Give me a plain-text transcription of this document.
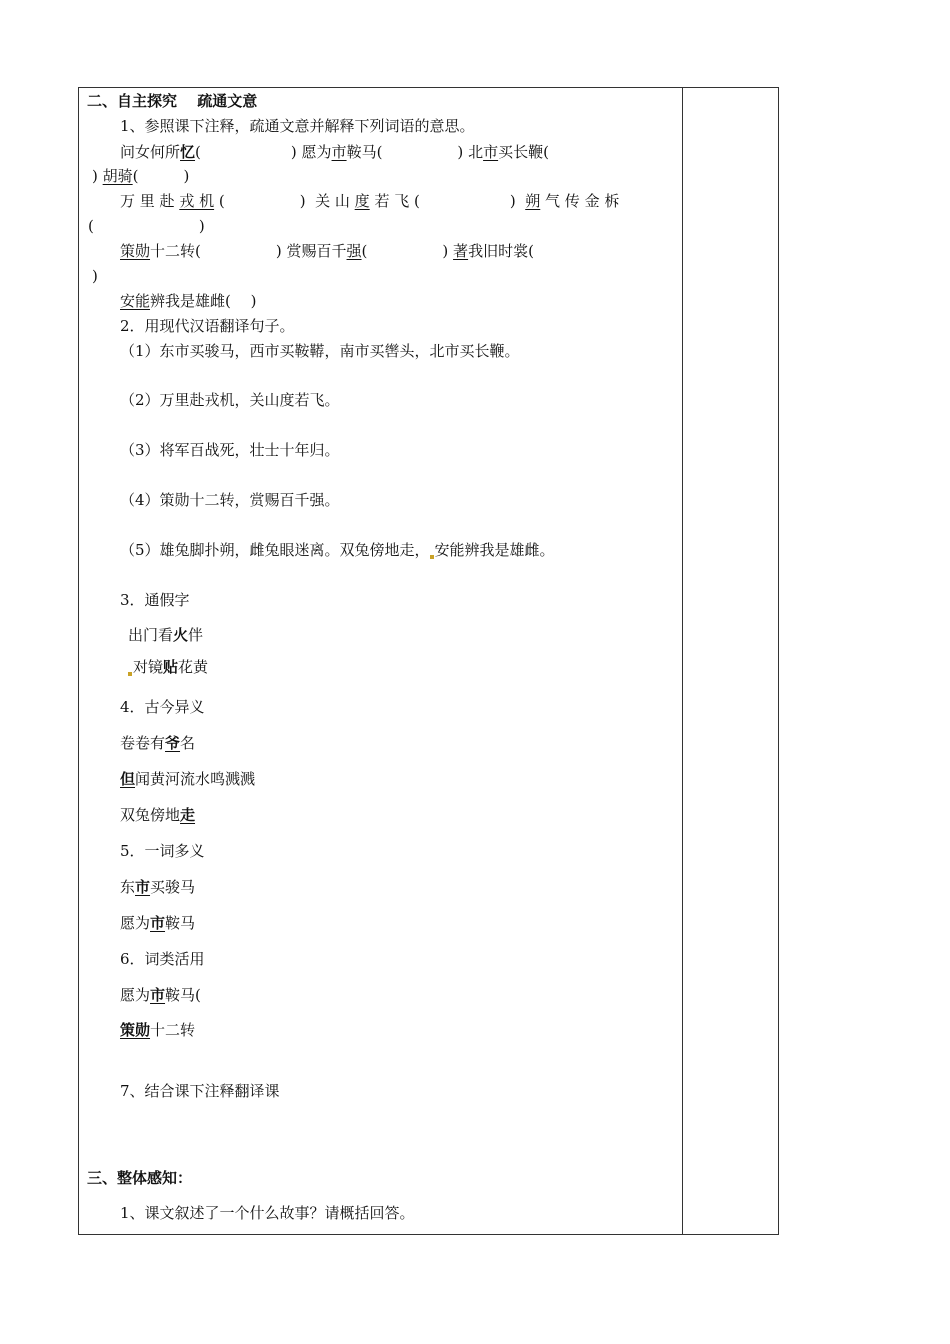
二、自主探究　 疏通文意
1、参照课下注释，疏通文意并解释下列词语的意思。
问女何所忆(　　　　　　) 愿为市鞍马(　　　　　) 北市买长鞭(
) 胡骑(　　　)
万 里 赴 戎 机 (　　　　　) 关 山 度 若 飞 (　　　　　　) 朔 气 传 金 柝
(　　　　　　　)
策勋十二转(　　　　　) 赏赐百千强(　　　　　) 著我旧时裳(
)
安能辨我是雄雌(　 )
2．用现代汉语翻译句子。
（1）东市买骏马，西市买鞍鞯，南市买辔头，北市买长鞭。
（2）万里赴戎机，关山度若飞。
（3）将军百战死，壮士十年归。
（4）策勋十二转，赏赐百千强。
（5）雄兔脚扑朔，雌兔眼迷离。双兔傍地走， 安能辨我是雄雌。
3．通假字
出门看火伴
对镜贴花黄
4．古今异义
卷卷有爷名
但闻黄河流水鸣溅溅
双兔傍地走
5．一词多义
东市买骏马
愿为市鞍马
6．词类活用
愿为市鞍马(
策勋十二转
7、结合课下注释翻译课
三、整体感知：
1、课文叙述了一个什么故事？请概括回答。
